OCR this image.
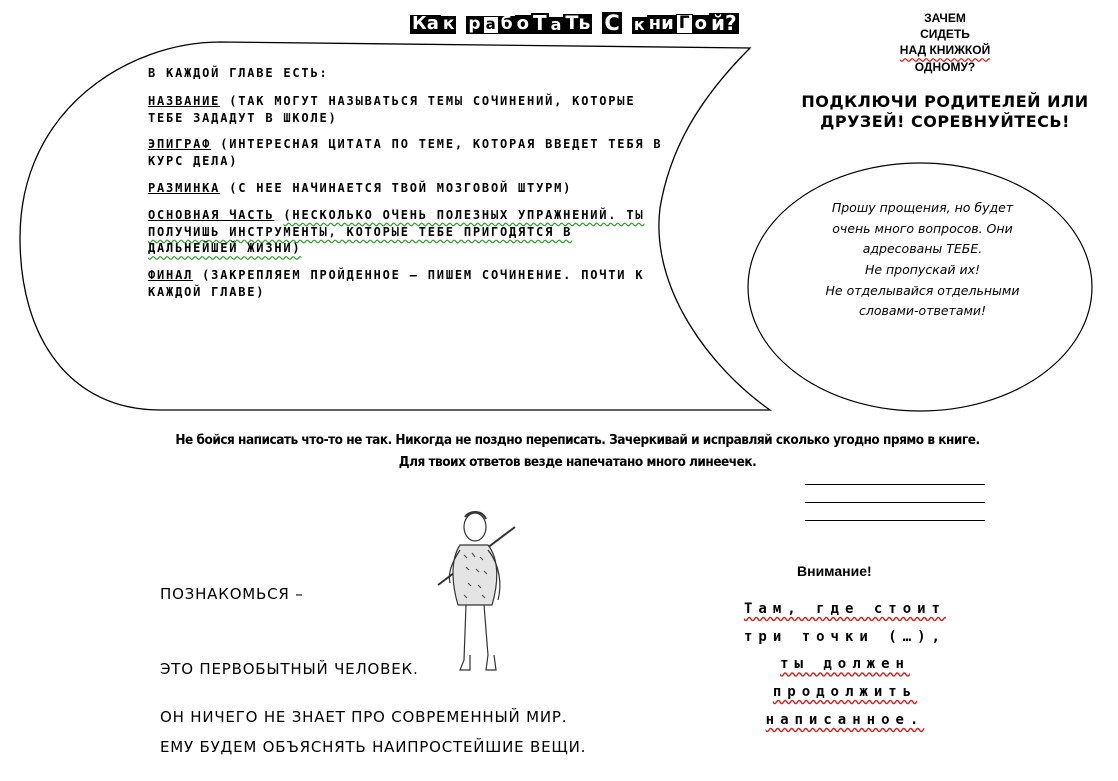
Ка к
р а б о Т а Ть
С
к ни Г о й?

В КАЖДОЙ ГЛАВЕ ЕСТЬ:

НАЗВАНИЕ (ТАК МОГУТ НАЗЫВАТЬСЯ ТЕМЫ СОЧИНЕНИЙ, КОТОРЫЕ ТЕБЕ ЗАДАДУТ В ШКОЛЕ)

ЭПИГРАФ (ИНТЕРЕСНАЯ ЦИТАТА ПО ТЕМЕ, КОТОРАЯ ВВЕДЕТ ТЕБЯ В КУРС ДЕЛА)

РАЗМИНКА (С НЕЕ НАЧИНАЕТСЯ ТВОЙ МОЗГОВОЙ ШТУРМ)

ОСНОВНАЯ ЧАСТЬ (НЕСКОЛЬКО ОЧЕНЬ ПОЛЕЗНЫХ УПРАЖНЕНИЙ. ТЫ ПОЛУЧИШЬ ИНСТРУМЕНТЫ, КОТОРЫЕ ТЕБЕ ПРИГОДЯТСЯ В ДАЛЬНЕЙШЕЙ ЖИЗНИ)

ФИНАЛ (ЗАКРЕПЛЯЕМ ПРОЙДЕННОЕ – ПИШЕМ СОЧИНЕНИЕ. ПОЧТИ К КАЖДОЙ ГЛАВЕ)

ЗАЧЕМ
СИДЕТЬ
НАД КНИЖКОЙ
ОДНОМУ?
ПОДКЛЮЧИ РОДИТЕЛЕЙ ИЛИ ДРУЗЕЙ! СОРЕВНУЙТЕСЬ!
Прошу прощения, но будет
очень много вопросов. Они
адресованы ТЕБЕ.
Не пропускай их!
Не отделывайся отдельными
словами-ответами!

Не бойся написать что-то не так. Никогда не поздно переписать. Зачеркивай и исправляй сколько угодно прямо в книге.

Для твоих ответов везде напечатано много линеечек.

ПОЗНАКОМЬСЯ –
ЭТО ПЕРВОБЫТНЫЙ ЧЕЛОВЕК.
ОН НИЧЕГО НЕ ЗНАЕТ ПРО СОВРЕМЕННЫЙ МИР.
ЕМУ БУДЕМ ОБЪЯСНЯТЬ НАИПРОСТЕЙШИЕ ВЕЩИ.
Внимание!

Там, где стоит

три точки (…),

ты должен

продолжить

написанное.
